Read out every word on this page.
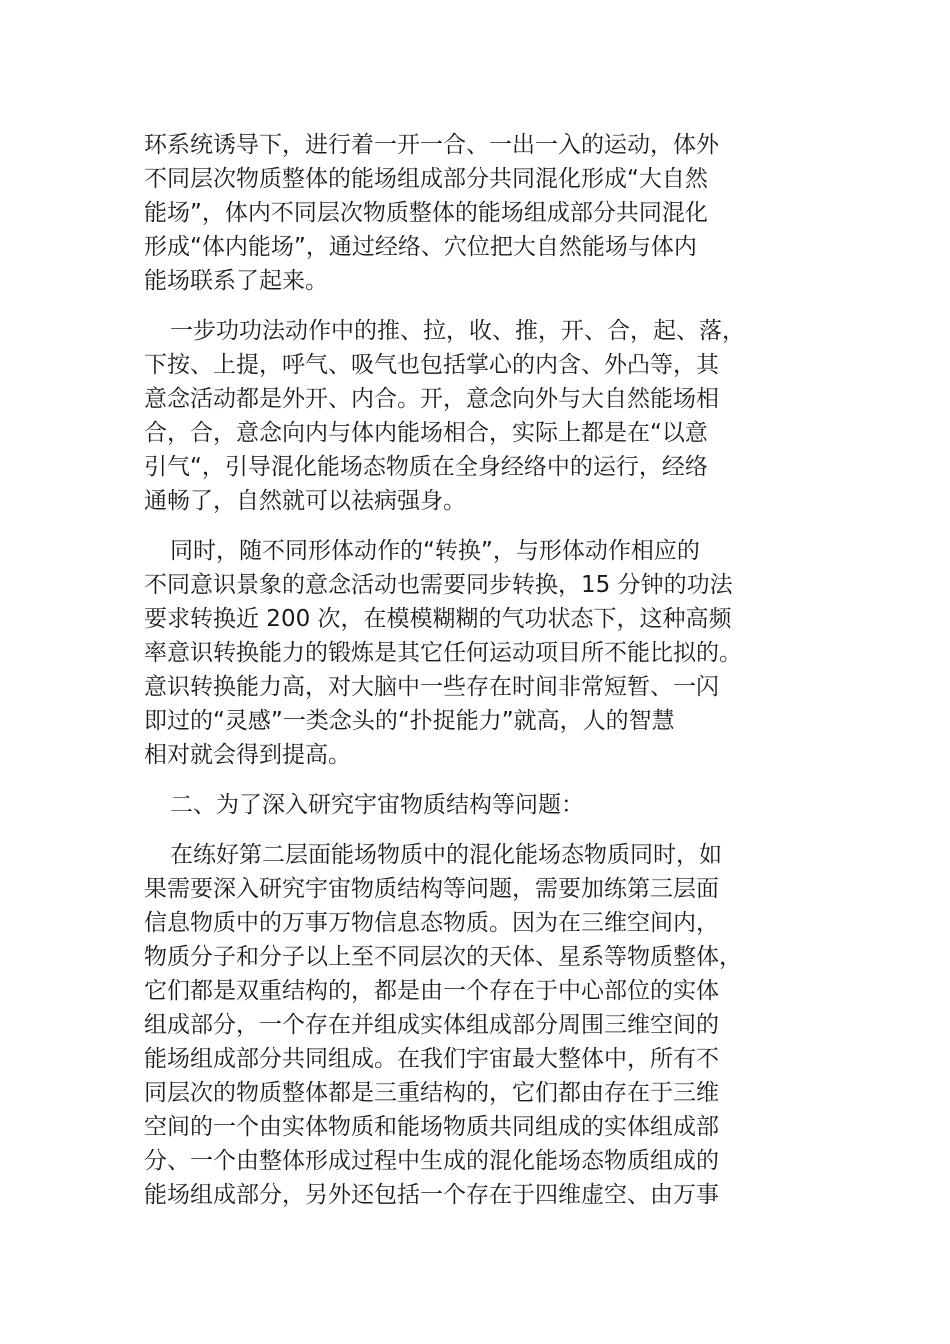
环系统诱导下，进行着一开一合、一出一入的运动，体外
不同层次物质整体的能场组成部分共同混化形成“大自然
能场”，体内不同层次物质整体的能场组成部分共同混化
形成“体内能场”，通过经络、穴位把大自然能场与体内
能场联系了起来。
一步功功法动作中的推、拉，收、推，开、合，起、落，
下按、上提，呼气、吸气也包括掌心的内含、外凸等，其
意念活动都是外开、内合。开，意念向外与大自然能场相
合，合，意念向内与体内能场相合，实际上都是在“以意
引气“，引导混化能场态物质在全身经络中的运行，经络
通畅了，自然就可以祛病强身。
同时，随不同形体动作的“转换”，与形体动作相应的
不同意识景象的意念活动也需要同步转换，15 分钟的功法
要求转换近 200 次，在模模糊糊的气功状态下，这种高频
率意识转换能力的锻炼是其它任何运动项目所不能比拟的。
意识转换能力高，对大脑中一些存在时间非常短暂、一闪
即过的“灵感”一类念头的“扑捉能力”就高，人的智慧
相对就会得到提高。
二、为了深入研究宇宙物质结构等问题：
在练好第二层面能场物质中的混化能场态物质同时，如
果需要深入研究宇宙物质结构等问题，需要加练第三层面
信息物质中的万事万物信息态物质。因为在三维空间内，
物质分子和分子以上至不同层次的天体、星系等物质整体，
它们都是双重结构的，都是由一个存在于中心部位的实体
组成部分，一个存在并组成实体组成部分周围三维空间的
能场组成部分共同组成。在我们宇宙最大整体中，所有不
同层次的物质整体都是三重结构的，它们都由存在于三维
空间的一个由实体物质和能场物质共同组成的实体组成部
分、一个由整体形成过程中生成的混化能场态物质组成的
能场组成部分，另外还包括一个存在于四维虚空、由万事
